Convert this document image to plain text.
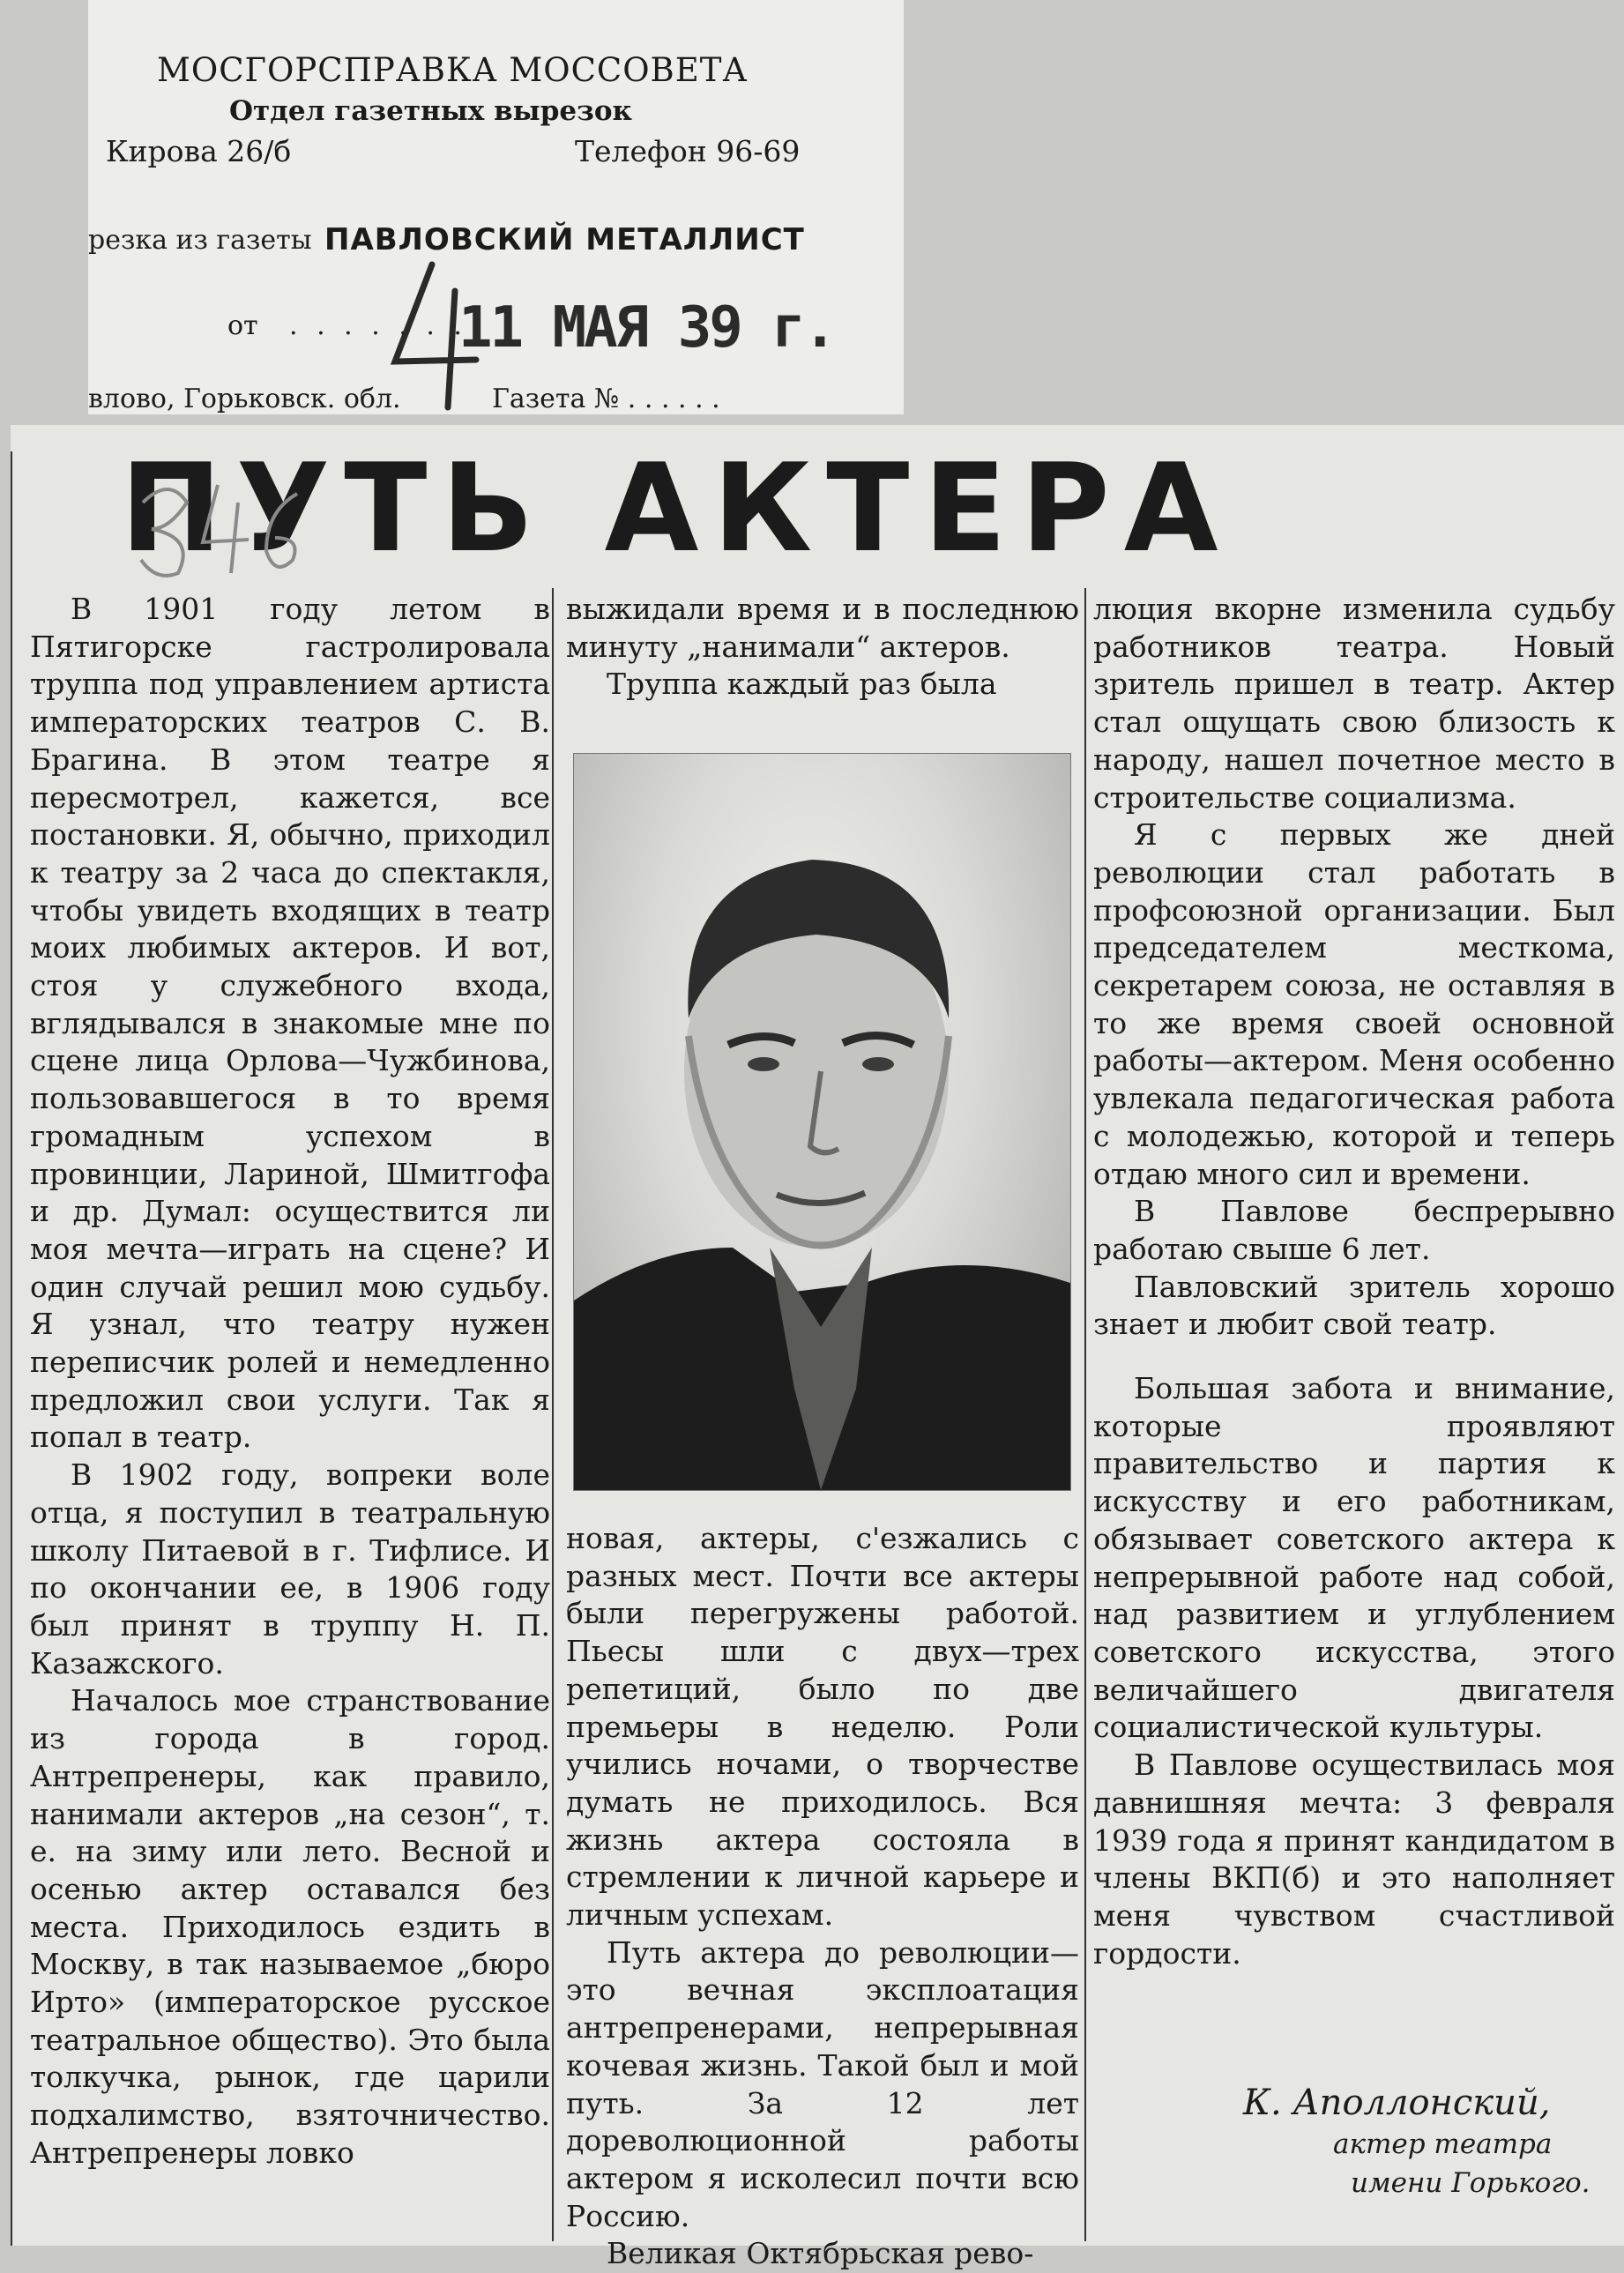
МОСГОРСПРАВКА МОССОВЕТА
Отдел газетных вырезок
Кирова 26/б	Телефон 96-69
резка из газеты ПАВЛОВСКИЙ МЕТАЛЛИСТ
от . . . . . . .
11 МАЯ 39 г.
вловo, Горьковск. обл.	Газета № . . . . . .
ПУТЬ АКТЕРА

В 1901 году летом в Пятигорске гастролировала труппа под управлением артиста императорских театров С. В. Брагина. В этом театре я пересмотрел, кажется, все постановки. Я, обычно, приходил к театру за 2 часа до спектакля, чтобы увидеть входящих в театр моих любимых актеров. И вот, стоя у служебного входа, вглядывался в знакомые мне по сцене лица Орлова—Чужбинова, пользовавшегося в то время громадным успехом в провинции, Лариной, Шмитгофа и др. Думал: осуществится ли моя мечта—играть на сцене? И один случай решил мою судьбу. Я узнал, что театру нужен переписчик ролей и немедленно предложил свои услуги. Так я попал в театр.

В 1902 году, вопреки воле отца, я поступил в театральную школу Питаевой в г. Тифлисе. И по окончании ее, в 1906 году был принят в труппу Н. П. Казажского.

Началось мое странствование из города в город. Антрепренеры, как правило, нанимали актеров „на сезон“, т. е. на зиму или лето. Весной и осенью актер оставался без места. Приходилось ездить в Москву, в так называемое „бюро Ирто» (императорское русское театральное общество). Это была толкучка, рынок, где царили подхалимство, взяточничество. Антрепренеры ловко

выжидали время и в последнюю минуту „нанимали“ актеров.

Труппа каждый раз была

новая, актеры, с'езжались с разных мест. Почти все актеры были перегружены работой. Пьесы шли с двух—трех репетиций, было по две премьеры в неделю. Роли учились ночами, о творчестве думать не приходилось. Вся жизнь актера состояла в стремлении к личной карьере и личным успехам.

Путь актера до революции—это вечная эксплоатация антрепренерами, непрерывная кочевая жизнь. Такой был и мой путь. За 12 лет дореволюционной работы актером я исколесил почти всю Россию.

Великая Октябрьская рево-

люция вкорне изменила судьбу работников театра. Новый зритель пришел в театр. Актер стал ощущать свою близость к народу, нашел почетное место в строительстве социализма.

Я с первых же дней революции стал работать в профсоюзной организации. Был председателем месткома, секретарем союза, не оставляя в то же время своей основной работы—актером. Меня особенно увлекала педагогическая работа с молодежью, которой и теперь отдаю много сил и времени.

В Павлове беспрерывно работаю свыше 6 лет.

Павловский зритель хорошо знает и любит свой театр.

Большая забота и внимание, которые проявляют правительство и партия к искусству и его работникам, обязывает советского актера к непрерывной работе над собой, над развитием и углублением советского искусства, этого величайшего двигателя социалистической культуры.

В Павлове осуществилась моя давнишняя мечта: 3 февраля 1939 года я принят кандидатом в члены ВКП(б) и это наполняет меня чувством счастливой гордости.

К. Аполлонский,
актер театра
имени Горького.
